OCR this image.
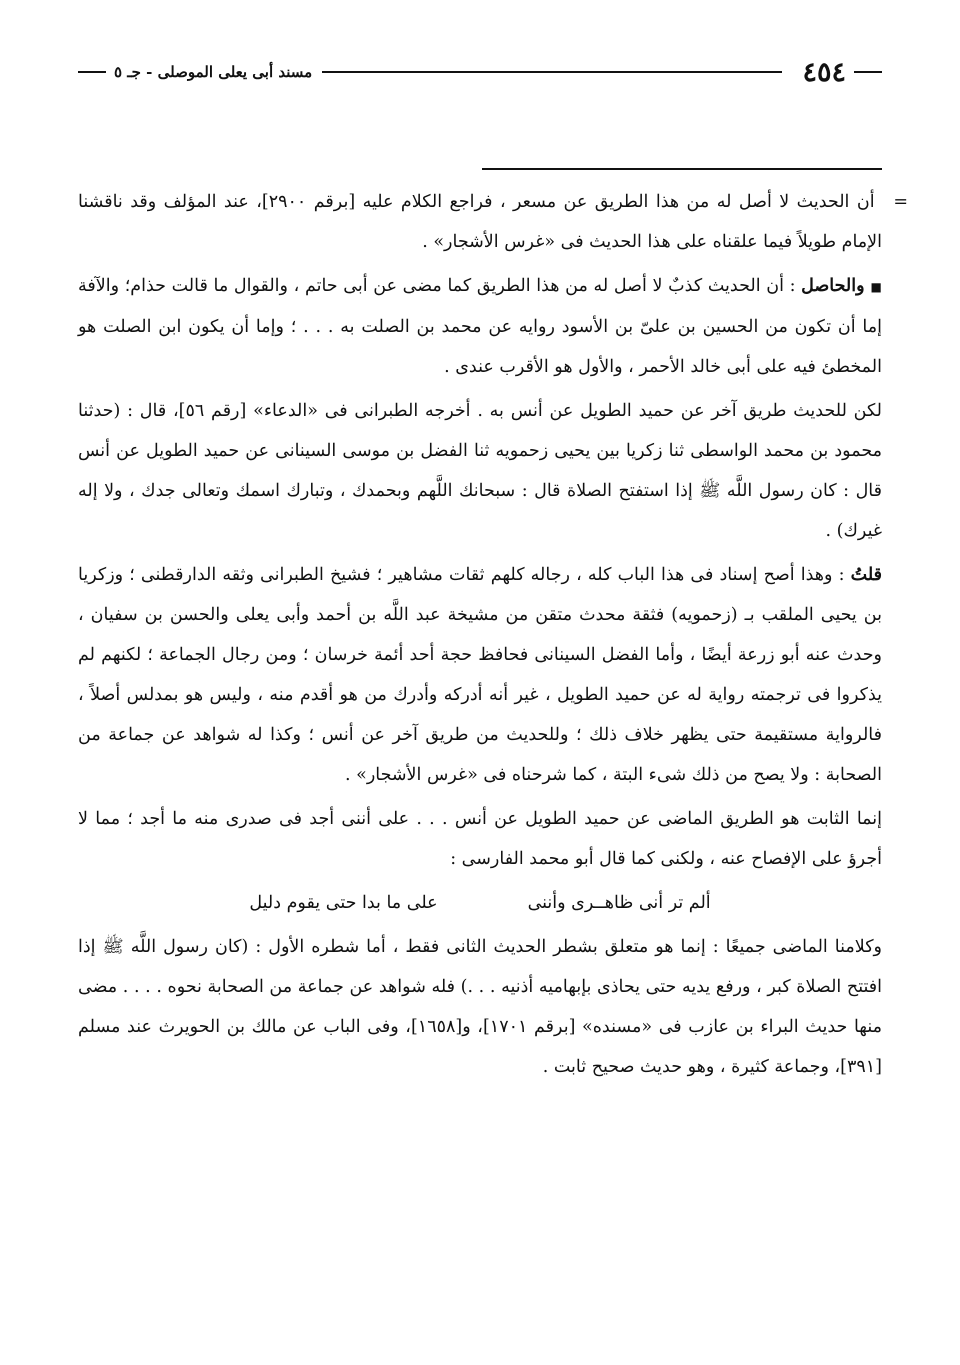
٤٥٤
مسند أبى يعلى الموصلى - جـ ٥

= أن الحديث لا أصل له من هذا الطريق عن مسعر ، فراجع الكلام عليه [برقم ٢٩٠٠]، عند المؤلف وقد ناقشنا الإمام طويلاً فيما علقناه على هذا الحديث فى «غرس الأشجار» .

■والحاصل : أن الحديث كذبٌ لا أصل له من هذا الطريق كما مضى عن أبى حاتم ، والقوال ما قالت حذام؛ والآفة إما أن تكون من الحسين بن علىّ بن الأسود روايه عن محمد بن الصلت به . . . ؛ وإما أن يكون ابن الصلت هو المخطئ فيه على أبى خالد الأحمر ، والأول هو الأقرب عندى .

لكن للحديث طريق آخر عن حميد الطويل عن أنس به . أخرجه الطبرانى فى «الدعاء» [رقم ٥٦]، قال : (حدثنا محمود بن محمد الواسطى ثنا زكريا بين يحيى زحمويه ثنا الفضل بن موسى السينانى عن حميد الطويل عن أنس قال : كان رسول اللَّه ﷺ إذا استفتح الصلاة قال : سبحانك اللَّهم وبحمدك ، وتبارك اسمك وتعالى جدك ، ولا إله غيرك) .

قلتُ : وهذا أصح إسناد فى هذا الباب كله ، رجاله كلهم ثقات مشاهير ؛ فشيخ الطبرانى وثقه الدارقطنى ؛ وزكريا بن يحيى الملقب بـ (زحمويه) فثقة محدث متقن من مشيخة عبد اللَّه بن أحمد وأبى يعلى والحسن بن سفيان ، وحدث عنه أبو زرعة أيضًا ، وأما الفضل السينانى فحافظ حجة أحد أئمة خرسان ؛ ومن رجال الجماعة ؛ لكنهم لم يذكروا فى ترجمته رواية له عن حميد الطويل ، غير أنه أدركه وأدرك من هو أقدم منه ، وليس هو بمدلس أصلاً ، فالرواية مستقيمة حتى يظهر خلاف ذلك ؛ وللحديث من طريق آخر عن أنس ؛ وكذا له شواهد عن جماعة من الصحابة : ولا يصح من ذلك شىء البتة ، كما شرحناه فى «غرس الأشجار» .

إنما الثابت هو الطريق الماضى عن حميد الطويل عن أنس . . . على أننى أجد فى صدرى منه ما أجد ؛ مما لا أجرؤ على الإفصاح عنه ، ولكنى كما قال أبو محمد الفارسى :

ألم تر أنى ظاهــرى وأننى
على ما بدا حتى يقوم دليل

وكلامنا الماضى جميعًا : إنما هو متعلق بشطر الحديث الثانى فقط ، أما شطره الأول : (كان رسول اللَّه ﷺ إذا افتتح الصلاة كبر ، ورفع يديه حتى يحاذى بإبهاميه أذنيه . . .) فله شواهد عن جماعة من الصحابة نحوه . . . . مضى منها حديث البراء بن عازب فى «مسنده» [برقم ١٧٠١]، و[١٦٥٨]، وفى الباب عن مالك بن الحويرث عند مسلم [٣٩١]، وجماعة كثيرة ، وهو حديث صحيح ثابت .
